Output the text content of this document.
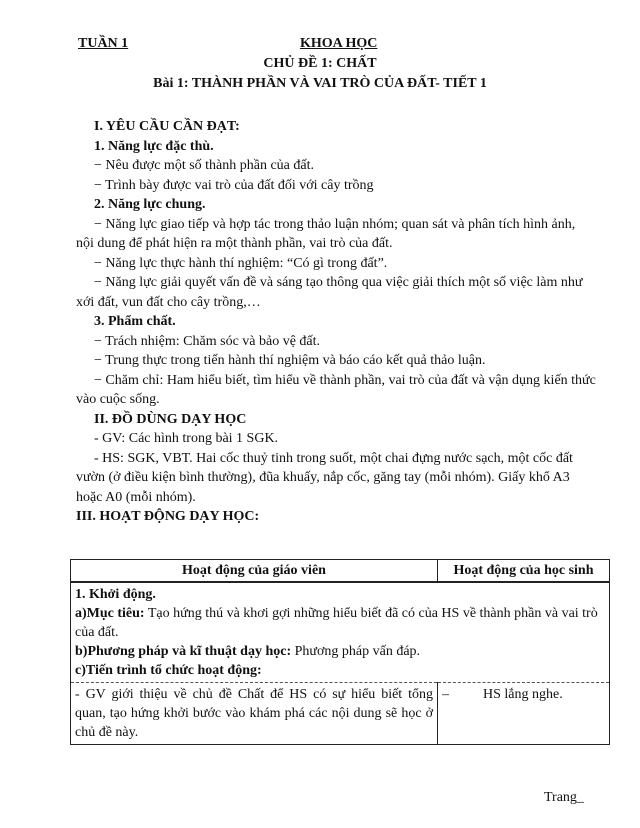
TUẦN 1	KHOA HỌC
CHỦ ĐỀ 1: CHẤT
Bài 1: THÀNH PHẦN VÀ VAI TRÒ CỦA ĐẤT- TIẾT 1

I. YÊU CẦU CẦN ĐẠT:

1. Năng lực đặc thù.

− Nêu được một số thành phần của đất.

− Trình bày được vai trò của đất đối với cây trồng

2. Năng lực chung.

− Năng lực giao tiếp và hợp tác trong thảo luận nhóm; quan sát và phân tích hình ảnh, nội dung để phát hiện ra một thành phần, vai trò của đất.

− Năng lực thực hành thí nghiệm: “Có gì trong đất”.

− Năng lực giải quyết vấn đề và sáng tạo thông qua việc giải thích một số việc làm như xới đất, vun đất cho cây trồng,…

3. Phẩm chất.

− Trách nhiệm: Chăm sóc và bảo vệ đất.

− Trung thực trong tiến hành thí nghiệm và báo cáo kết quả thảo luận.

− Chăm chỉ: Ham hiểu biết, tìm hiểu về thành phần, vai trò của đất và vận dụng kiến thức vào cuộc sống.

II. ĐỒ DÙNG DẠY HỌC

- GV: Các hình trong bài 1 SGK.

- HS: SGK, VBT. Hai cốc thuỷ tinh trong suốt, một chai đựng nước sạch, một cốc đất vườn (ở điều kiện bình thường), đũa khuấy, nắp cốc, găng tay (mỗi nhóm). Giấy khổ A3 hoặc A0 (mỗi nhóm).

III. HOẠT ĐỘNG DẠY HỌC:

Hoạt động của giáo viên	Hoạt động của học sinh

1. Khởi động.
a)Mục tiêu: Tạo hứng thú và khơi gợi những hiểu biết đã có của HS về thành phần và vai trò của đất.
b)Phương pháp và kĩ thuật dạy học: Phương pháp vấn đáp.
c)Tiến trình tổ chức hoạt động:	

- GV giới thiệu về chủ đề Chất để HS có sự hiểu biết tổng quan, tạo hứng khởi bước vào khám phá các nội dung sẽ học ở chủ đề này.	– HS lắng nghe.
Trang_
